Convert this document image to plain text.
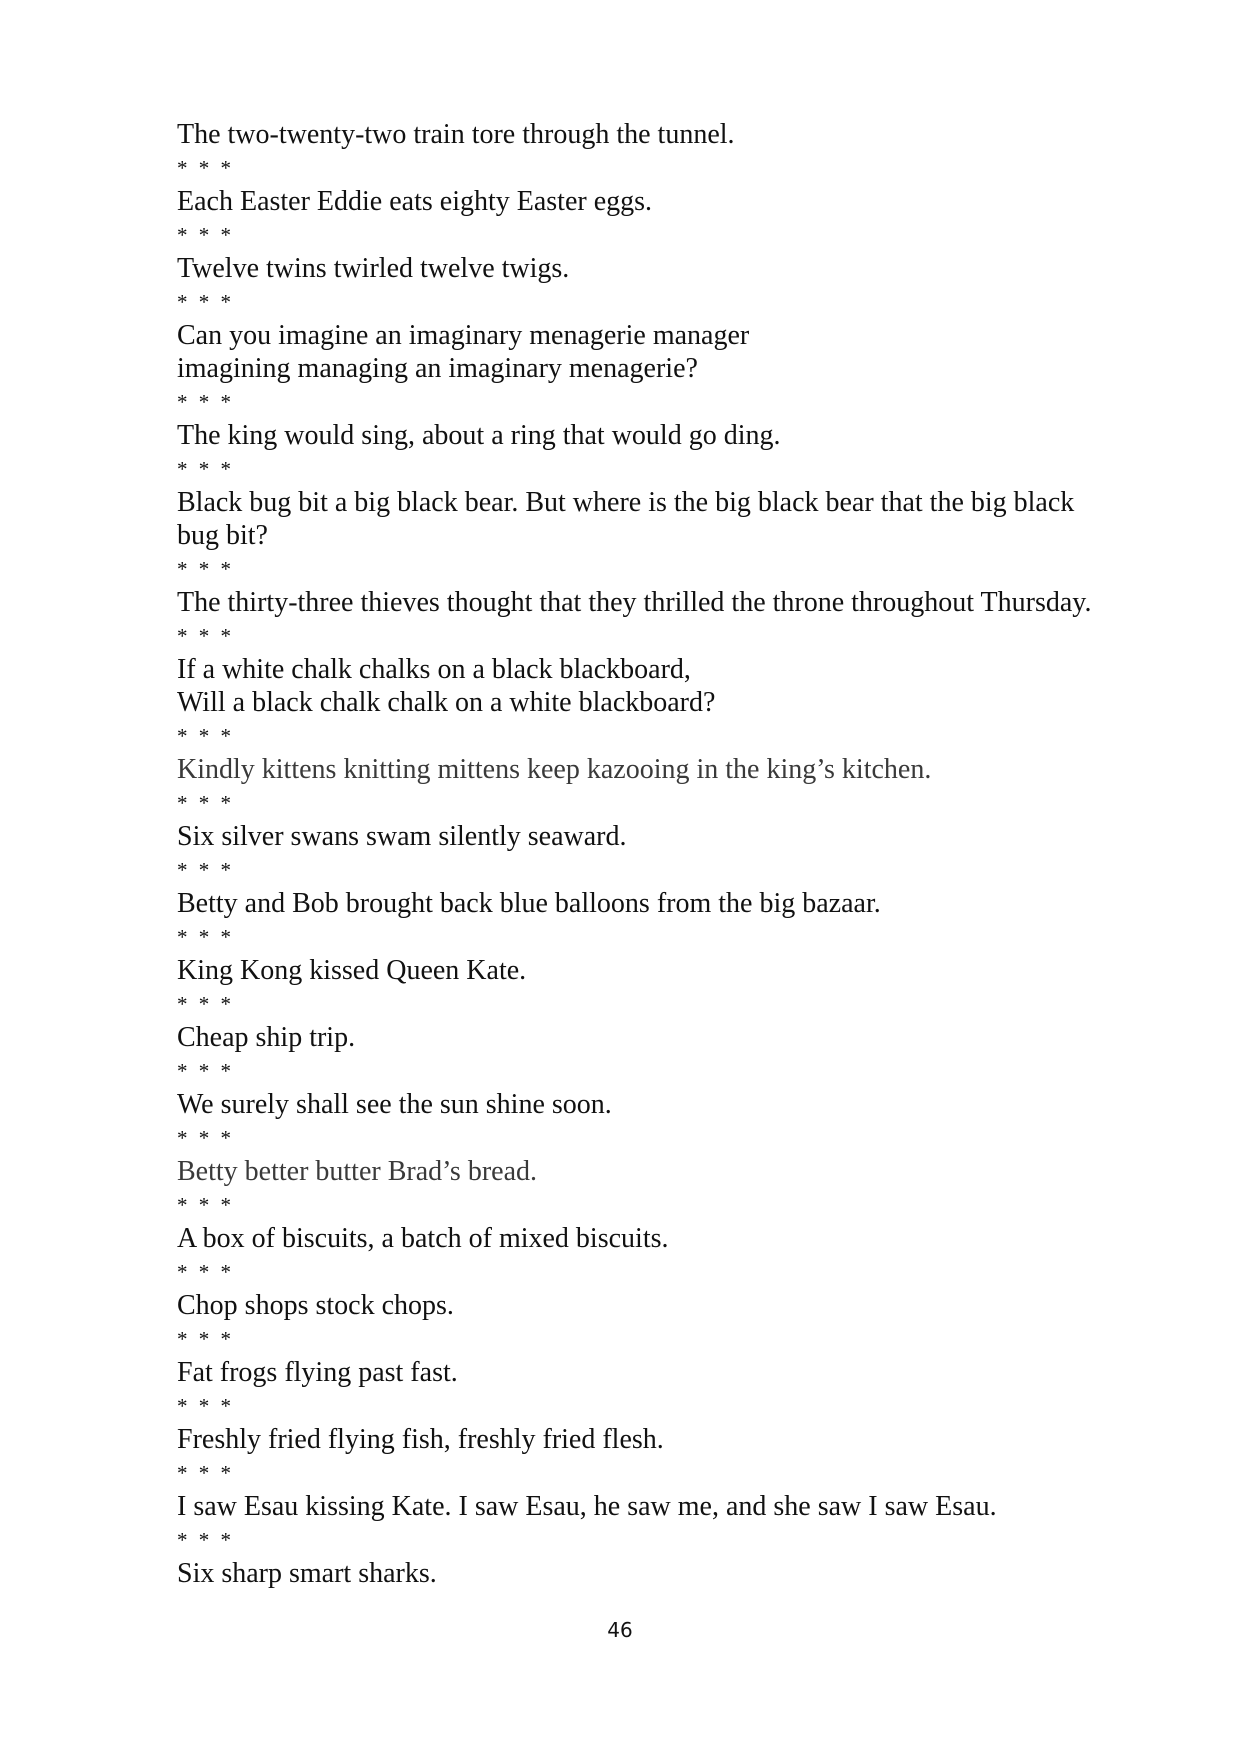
The two-twenty-two train tore through the tunnel.

* * *

Each Easter Eddie eats eighty Easter eggs.

* * *

Twelve twins twirled twelve twigs.

* * *

Can you imagine an imaginary menagerie manager

imagining managing an imaginary menagerie?

* * *

The king would sing, about a ring that would go ding.

* * *

Black bug bit a big black bear. But where is the big black bear that the big black

bug bit?

* * *

The thirty-three thieves thought that they thrilled the throne throughout Thursday.

* * *

If a white chalk chalks on a black blackboard,

Will a black chalk chalk on a white blackboard?

* * *

Kindly kittens knitting mittens keep kazooing in the king’s kitchen.

* * *

Six silver swans swam silently seaward.

* * *

Betty and Bob brought back blue balloons from the big bazaar.

* * *

King Kong kissed Queen Kate.

* * *

Cheap ship trip.

* * *

We surely shall see the sun shine soon.

* * *

Betty better butter Brad’s bread.

* * *

A box of biscuits, a batch of mixed biscuits.

* * *

Chop shops stock chops.

* * *

Fat frogs flying past fast.

* * *

Freshly fried flying fish, freshly fried flesh.

* * *

I saw Esau kissing Kate. I saw Esau, he saw me, and she saw I saw Esau.

* * *

Six sharp smart sharks.

46
